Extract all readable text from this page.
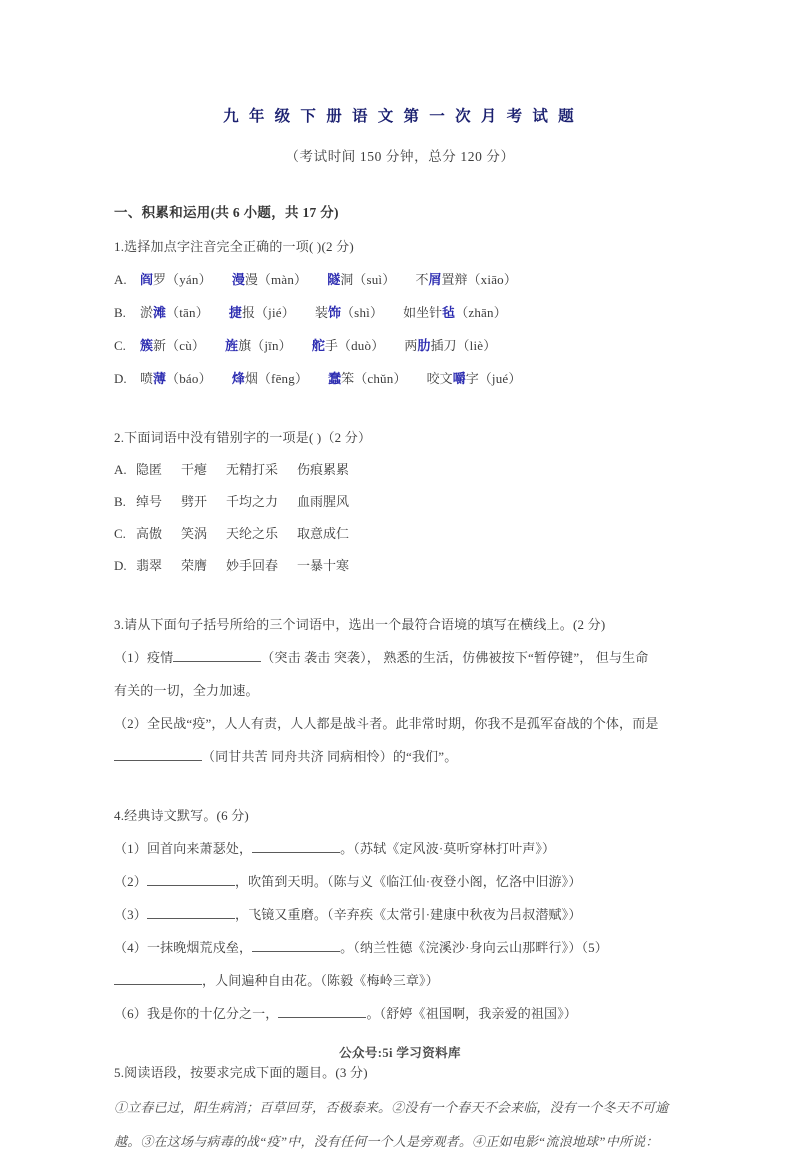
九 年 级 下 册 语 文 第 一 次 月 考 试 题

（考试时间 150 分钟，总分 120 分）

一、积累和运用(共 6 小题，共 17 分)

1.选择加点字注音完全正确的一项( )(2 分)

A. 阎罗（yán） 漫漫（màn） 隧洞（suì） 不屑置辩（xiāo）

B. 淤滩（tān） 捷报（jié） 装饰（shì） 如坐针毡（zhān）

C. 簇新（cù） 旌旗（jīn） 舵手（duò） 两肋插刀（liè）

D. 喷薄（báo） 烽烟（fēng） 蠢笨（chǔn） 咬文嚼字（jué）

2.下面词语中没有错别字的一项是( )（2 分）

A. 隐匿 干瘪 无精打采 伤痕累累

B. 绰号 劈开 千均之力 血雨腥风

C. 高傲 笑涡 天纶之乐 取意成仁

D. 翡翠 荣膺 妙手回春 一暴十寒

3.请从下面句子括号所给的三个词语中，选出一个最符合语境的填写在横线上。(2 分)

（1）疫情	（突击 袭击 突袭）， 熟悉的生活，仿佛被按下“暂停键”， 但与生命

有关的一切，全力加速。

（2）全民战“疫”，人人有责，人人都是战斗者。此非常时期，你我不是孤军奋战的个体，而是

（同甘共苦 同舟共济 同病相怜）的“我们”。

4.经典诗文默写。(6 分)

（1）回首向来萧瑟处，	。（苏轼《定风波·莫听穿林打叶声》）

（2）	，吹笛到天明。（陈与义《临江仙·夜登小阁，忆洛中旧游》）

（3）	，飞镜又重磨。（辛弃疾《太常引·建康中秋夜为吕叔潜赋》）

（4）一抹晚烟荒戍垒，	。（纳兰性德《浣溪沙·身向云山那畔行》）（5）

，人间遍种自由花。（陈毅《梅岭三章》）

（6）我是你的十亿分之一，	。（舒婷《祖国啊，我亲爱的祖国》）

5.阅读语段，按要求完成下面的题目。(3 分)

①立春已过，阳生病消；百草回芽，否极泰来。②没有一个春天不会来临，没有一个冬天不可逾

越。③在这场与病毒的战“疫”中，没有任何一个人是旁观者。④正如电影“流浪地球”中所说：

公众号:5i 学习资料库
